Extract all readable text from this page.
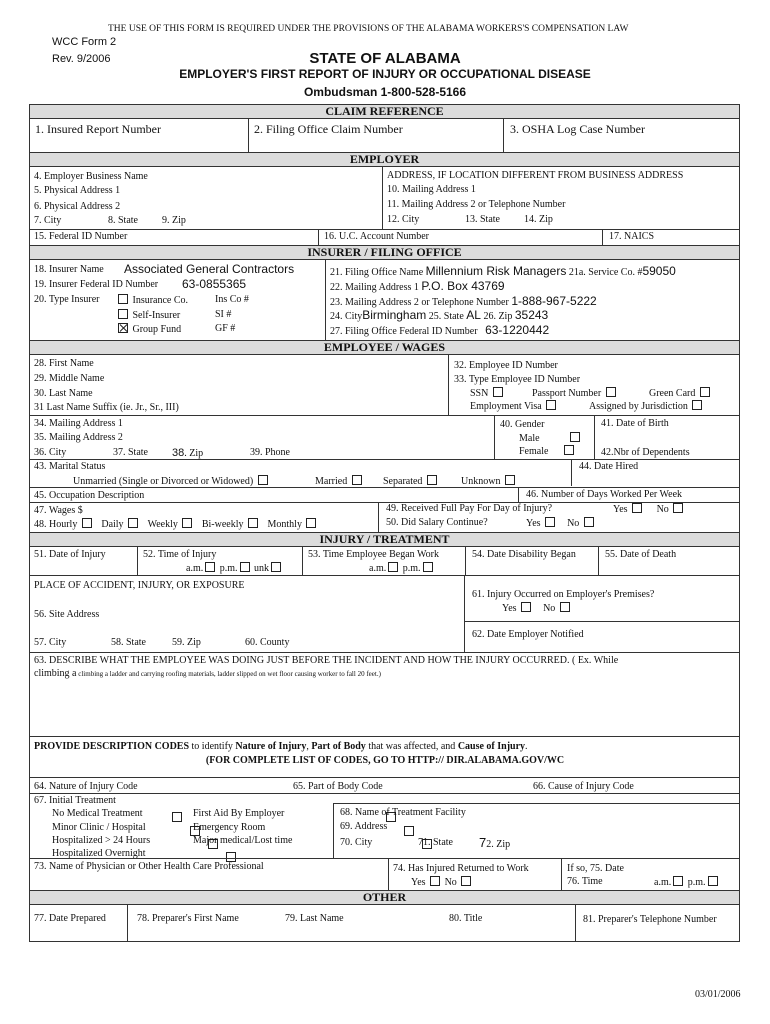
THE USE OF THIS FORM IS REQUIRED UNDER THE PROVISIONS OF THE ALABAMA WORKERS'S COMPENSATION LAW
WCC Form 2
Rev. 9/2006	STATE OF ALABAMA
EMPLOYER'S FIRST REPORT OF INJURY OR OCCUPATIONAL DISEASE
Ombudsman 1-800-528-5166
CLAIM REFERENCE
1. Insured Report Number	2. Filing Office Claim Number	3. OSHA Log Case Number
EMPLOYER
4. Employer Business Name
5. Physical Address 1
6. Physical Address 2
7. City	8. State 9. Zip
ADDRESS, IF LOCATION DIFFERENT FROM BUSINESS ADDRESS
10. Mailing Address 1
11. Mailing Address 2 or Telephone Number
12. City	13. State 14. Zip
15. Federal ID Number	16. U.C. Account Number	17. NAICS
INSURER / FILING OFFICE
18. Insurer Name Associated General Contractors
19. Insurer Federal ID Number 63-0855365
20. Type Insurer	Insurance Co.	Ins Co #
Self-Insurer	SI #
Group Fund	GF #
21. Filing Office Name Millennium Risk Managers 21a. Service Co. #59050
22. Mailing Address 1 P.O. Box 43769
23. Mailing Address 2 or Telephone Number 1-888-967-5222
24. CityBirmingham 25. State AL 26. Zip 35243
27. Filing Office Federal ID Number 63-1220442
EMPLOYEE / WAGES
28. First Name
29. Middle Name
30. Last Name
31 Last Name Suffix (ie. Jr., Sr., III)
32. Employee ID Number
33. Type Employee ID Number
SSN	Passport Number	Green Card
Employment Visa	Assigned by Jurisdiction
34. Mailing Address 1
35. Mailing Address 2
36. City	37. State 38. Zip	39. Phone
40. Gender
Male
Female
41. Date of Birth
42.Nbr of Dependents
43. Marital Status
Unmarried (Single or Divorced or Widowed)	Married	Separated	Unknown
44. Date Hired
45. Occupation Description	46. Number of Days Worked Per Week
47. Wages $
48. Hourly Daily Weekly Bi-weekly Monthly
49. Received Full Pay For Day of Injury?	Yes	No
50. Did Salary Continue?	Yes	No
INJURY / TREATMENT
51. Date of Injury	52. Time of Injury
a.m. p.m. unk
53. Time Employee Began Work
a.m. p.m.
54. Date Disability Began	55. Date of Death
PLACE OF ACCIDENT, INJURY, OR EXPOSURE
56. Site Address
57. City	58. State	59. Zip	60. County
61. Injury Occurred on Employer's Premises?
Yes	No
62. Date Employer Notified
63. DESCRIBE WHAT THE EMPLOYEE WAS DOING JUST BEFORE THE INCIDENT AND HOW THE INJURY OCCURRED. ( Ex. While
climbing a climbing a ladder and carrying roofing materials, ladder slipped on wet floor causing worker to fall 20 feet.)
PROVIDE DESCRIPTION CODES to identify Nature of Injury, Part of Body that was affected, and Cause of Injury.
(FOR COMPLETE LIST OF CODES, GO TO HTTP:// DIR.ALABAMA.GOV/WC
64. Nature of Injury Code	65. Part of Body Code	66. Cause of Injury Code
67. Initial Treatment
No Medical Treatment

Minor Clinic / Hospital

Hospitalized > 24 Hours

Hospitalized Overnight

First Aid By Employer

Emergency Room

Major medical/Lost time
68. Name of Treatment Facility
69. Address
70. City	71. State 72. Zip
73. Name of Physician or Other Health Care Professional	74. Has Injured Returned to Work
Yes No
If so, 75. Date
76. Time	a.m. p.m.
OTHER
77. Date Prepared	78. Preparer's First Name	79. Last Name	80. Title	81. Preparer's Telephone Number
03/01/2006
